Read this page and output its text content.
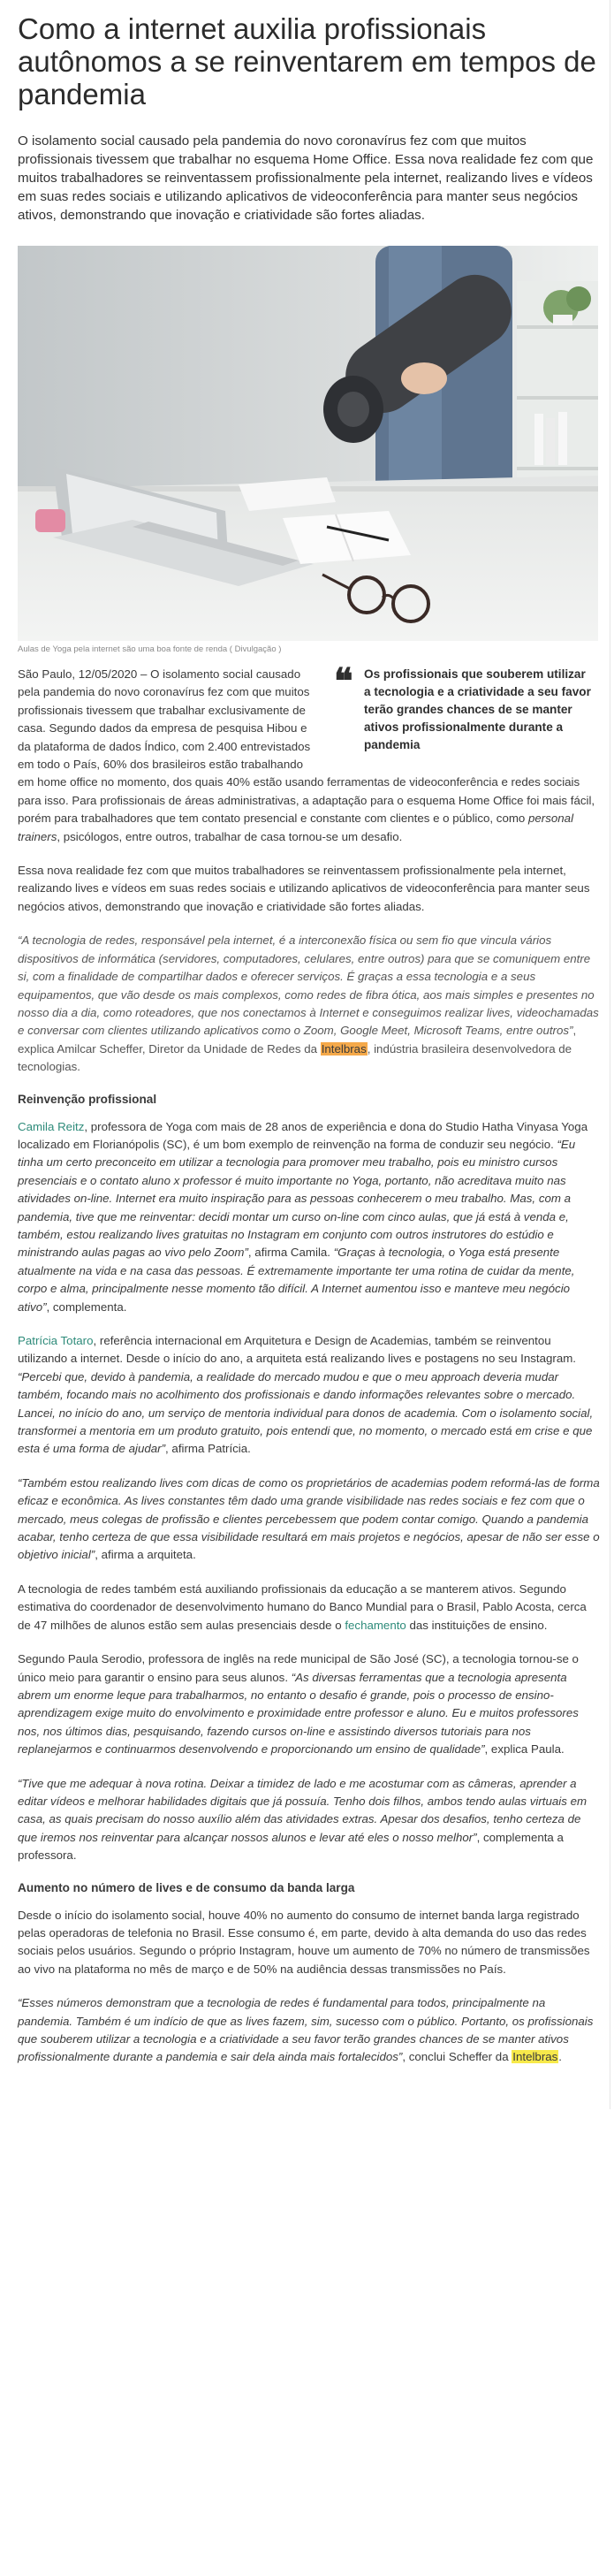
Como a internet auxilia profissionais autônomos a se reinventarem em tempos de pandemia

O isolamento social causado pela pandemia do novo coronavírus fez com que muitos profissionais tivessem que trabalhar no esquema Home Office. Essa nova realidade fez com que muitos trabalhadores se reinventassem profissionalmente pela internet, realizando lives e vídeos em suas redes sociais e utilizando aplicativos de videoconferência para manter seus negócios ativos, demonstrando que inovação e criatividade são fortes aliadas.

Aulas de Yoga pela internet são uma boa fonte de renda ( Divulgação )
❝ Os profissionais que souberem utilizar a tecnologia e a criatividade a seu favor terão grandes chances de se manter ativos profissionalmente durante a pandemia

São Paulo, 12/05/2020 – O isolamento social causado pela pandemia do novo coronavírus fez com que muitos profissionais tivessem que trabalhar exclusivamente de casa. Segundo dados da empresa de pesquisa Hibou e da plataforma de dados Índico, com 2.400 entrevistados em todo o País, 60% dos brasileiros estão trabalhando em home office no momento, dos quais 40% estão usando ferramentas de videoconferência e redes sociais para isso. Para profissionais de áreas administrativas, a adaptação para o esquema Home Office foi mais fácil, porém para trabalhadores que tem contato presencial e constante com clientes e o público, como personal trainers, psicólogos, entre outros, trabalhar de casa tornou-se um desafio.

Essa nova realidade fez com que muitos trabalhadores se reinventassem profissionalmente pela internet, realizando lives e vídeos em suas redes sociais e utilizando aplicativos de videoconferência para manter seus negócios ativos, demonstrando que inovação e criatividade são fortes aliadas.

“A tecnologia de redes, responsável pela internet, é a interconexão física ou sem fio que vincula vários dispositivos de informática (servidores, computadores, celulares, entre outros) para que se comuniquem entre si, com a finalidade de compartilhar dados e oferecer serviços. É graças a essa tecnologia e a seus equipamentos, que vão desde os mais complexos, como redes de fibra ótica, aos mais simples e presentes no nosso dia a dia, como roteadores, que nos conectamos à Internet e conseguimos realizar lives, videochamadas e conversar com clientes utilizando aplicativos como o Zoom, Google Meet, Microsoft Teams, entre outros”, explica Amilcar Scheffer, Diretor da Unidade de Redes da Intelbras, indústria brasileira desenvolvedora de tecnologias.

Reinvenção profissional

Camila Reitz, professora de Yoga com mais de 28 anos de experiência e dona do Studio Hatha Vinyasa Yoga localizado em Florianópolis (SC), é um bom exemplo de reinvenção na forma de conduzir seu negócio. “Eu tinha um certo preconceito em utilizar a tecnologia para promover meu trabalho, pois eu ministro cursos presenciais e o contato aluno x professor é muito importante no Yoga, portanto, não acreditava muito nas atividades on-line. Internet era muito inspiração para as pessoas conhecerem o meu trabalho. Mas, com a pandemia, tive que me reinventar: decidi montar um curso on-line com cinco aulas, que já está à venda e, também, estou realizando lives gratuitas no Instagram em conjunto com outros instrutores do estúdio e ministrando aulas pagas ao vivo pelo Zoom”, afirma Camila. “Graças à tecnologia, o Yoga está presente atualmente na vida e na casa das pessoas. É extremamente importante ter uma rotina de cuidar da mente, corpo e alma, principalmente nesse momento tão difícil. A Internet aumentou isso e manteve meu negócio ativo”, complementa.

Patrícia Totaro, referência internacional em Arquitetura e Design de Academias, também se reinventou utilizando a internet. Desde o início do ano, a arquiteta está realizando lives e postagens no seu Instagram. “Percebi que, devido à pandemia, a realidade do mercado mudou e que o meu approach deveria mudar também, focando mais no acolhimento dos profissionais e dando informações relevantes sobre o mercado. Lancei, no início do ano, um serviço de mentoria individual para donos de academia. Com o isolamento social, transformei a mentoria em um produto gratuito, pois entendi que, no momento, o mercado está em crise e que esta é uma forma de ajudar”, afirma Patrícia.

“Também estou realizando lives com dicas de como os proprietários de academias podem reformá-las de forma eficaz e econômica. As lives constantes têm dado uma grande visibilidade nas redes sociais e fez com que o mercado, meus colegas de profissão e clientes percebessem que podem contar comigo. Quando a pandemia acabar, tenho certeza de que essa visibilidade resultará em mais projetos e negócios, apesar de não ser esse o objetivo inicial”, afirma a arquiteta.

A tecnologia de redes também está auxiliando profissionais da educação a se manterem ativos. Segundo estimativa do coordenador de desenvolvimento humano do Banco Mundial para o Brasil, Pablo Acosta, cerca de 47 milhões de alunos estão sem aulas presenciais desde o fechamento das instituições de ensino.

Segundo Paula Serodio, professora de inglês na rede municipal de São José (SC), a tecnologia tornou-se o único meio para garantir o ensino para seus alunos. “As diversas ferramentas que a tecnologia apresenta abrem um enorme leque para trabalharmos, no entanto o desafio é grande, pois o processo de ensino-aprendizagem exige muito do envolvimento e proximidade entre professor e aluno. Eu e muitos professores nos, nos últimos dias, pesquisando, fazendo cursos on-line e assistindo diversos tutoriais para nos replanejarmos e continuarmos desenvolvendo e proporcionando um ensino de qualidade”, explica Paula.

“Tive que me adequar à nova rotina. Deixar a timidez de lado e me acostumar com as câmeras, aprender a editar vídeos e melhorar habilidades digitais que já possuía. Tenho dois filhos, ambos tendo aulas virtuais em casa, as quais precisam do nosso auxílio além das atividades extras. Apesar dos desafios, tenho certeza de que iremos nos reinventar para alcançar nossos alunos e levar até eles o nosso melhor”, complementa a professora.

Aumento no número de lives e de consumo da banda larga

Desde o início do isolamento social, houve 40% no aumento do consumo de internet banda larga registrado pelas operadoras de telefonia no Brasil. Esse consumo é, em parte, devido à alta demanda do uso das redes sociais pelos usuários. Segundo o próprio Instagram, houve um aumento de 70% no número de transmissões ao vivo na plataforma no mês de março e de 50% na audiência dessas transmissões no País.

“Esses números demonstram que a tecnologia de redes é fundamental para todos, principalmente na pandemia. Também é um indício de que as lives fazem, sim, sucesso com o público. Portanto, os profissionais que souberem utilizar a tecnologia e a criatividade a seu favor terão grandes chances de se manter ativos profissionalmente durante a pandemia e sair dela ainda mais fortalecidos”, conclui Scheffer da Intelbras.
